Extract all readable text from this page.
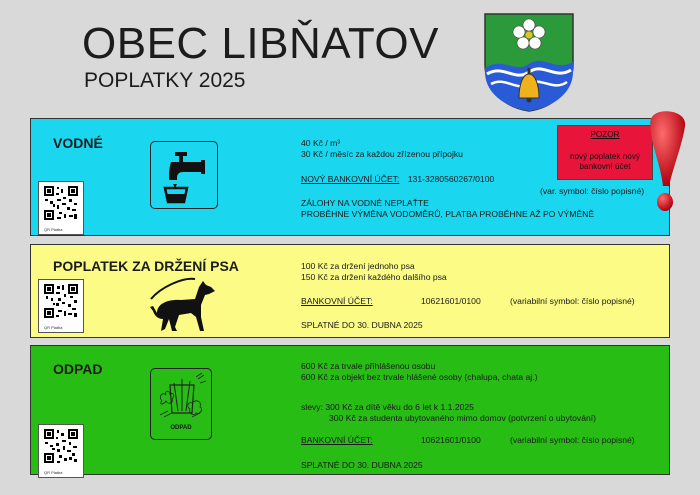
OBEC LIBŇATOV
POPLATKY 2025
VODNÉ
QR Platba
40 Kč / m³
30 Kč / měsíc za každou zřízenou přípojku
NOVÝ BANKOVNÍ ÚČET: 131-3280560267/0100
(var. symbol: číslo popisné)
ZÁLOHY NA VODNÉ NEPLAŤTE
PROBĚHNE VÝMĚNA VODOMĚRŮ, PLATBA PROBĚHNE AŽ PO VÝMĚNĚ
POZOR
nový poplatek nový bankovní účet
POPLATEK ZA DRŽENÍ PSA
QR Platba
100 Kč za držení jednoho psa
150 Kč za držení každého dalšího psa
BANKOVNÍ ÚČET:	10621601/0100	(variabilní symbol: číslo popisné)
SPLATNÉ DO 30. DUBNA 2025
ODPAD
QR Platba
ODPAD
600 Kč za trvale přihlášenou osobu
600 Kč za objekt bez trvale hlášené osoby (chalupa, chata aj.)
slevy: 300 Kč za dítě věku do 6 let k 1.1.2025
300 Kč za studenta ubytovaného mimo domov (potvrzení o ubytování)
BANKOVNÍ ÚČET:	10621601/0100	(variabilní symbol: číslo popisné)
SPLATNÉ DO 30. DUBNA 2025
